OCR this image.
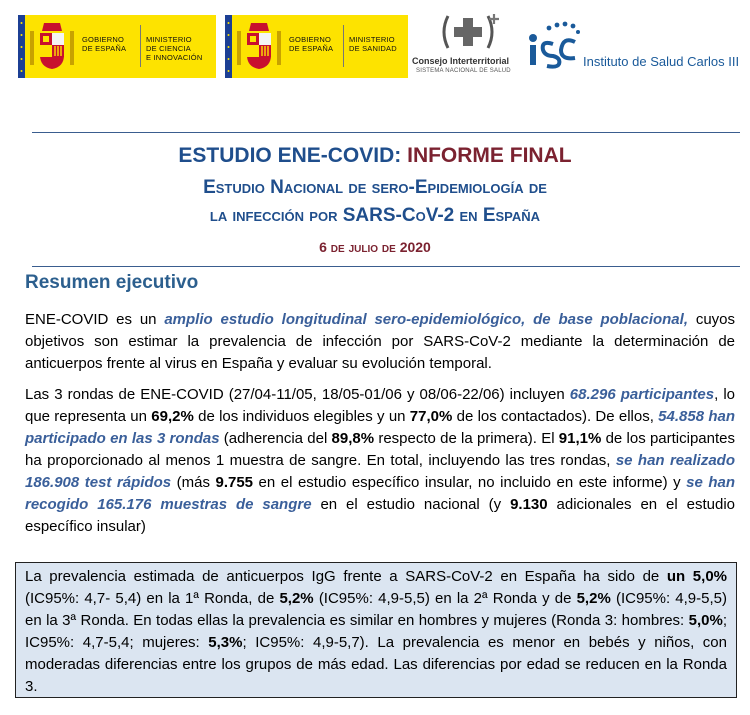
GOBIERNO
DE ESPAÑA
MINISTERIO
DE CIENCIA
E INNOVACIÓN
GOBIERNO
DE ESPAÑA
MINISTERIO
DE SANIDAD
Consejo Interterritorial
SISTEMA NACIONAL DE SALUD
Instituto de Salud Carlos III
ESTUDIO ENE-COVID: INFORME FINAL
Estudio Nacional de sero-Epidemiología de
la infección por SARS-CoV-2 en España
6 de julio de 2020
Resumen ejecutivo
ENE-COVID es un amplio estudio longitudinal sero-epidemiológico, de base poblacional, cuyos objetivos son estimar la prevalencia de infección por SARS-CoV-2 mediante la determinación de anticuerpos frente al virus en España y evaluar su evolución temporal.
Las 3 rondas de ENE-COVID (27/04-11/05, 18/05-01/06 y 08/06-22/06) incluyen 68.296 participantes, lo que representa un 69,2% de los individuos elegibles y un 77,0% de los contactados). De ellos, 54.858 han participado en las 3 rondas (adherencia del 89,8% respecto de la primera). El 91,1% de los participantes ha proporcionado al menos 1 muestra de sangre. En total, incluyendo las tres rondas, se han realizado 186.908 test rápidos (más 9.755 en el estudio específico insular, no incluido en este informe) y se han recogido 165.176 muestras de sangre en el estudio nacional (y 9.130 adicionales en el estudio específico insular)
La prevalencia estimada de anticuerpos IgG frente a SARS-CoV-2 en España ha sido de un 5,0% (IC95%: 4,7- 5,4) en la 1ª Ronda, de 5,2% (IC95%: 4,9-5,5) en la 2ª Ronda y de 5,2% (IC95%: 4,9-5,5) en la 3ª Ronda. En todas ellas la prevalencia es similar en hombres y mujeres (Ronda 3: hombres: 5,0%; IC95%: 4,7-5,4; mujeres: 5,3%; IC95%: 4,9-5,7). La prevalencia es menor en bebés y niños, con moderadas diferencias entre los grupos de más edad. Las diferencias por edad se reducen en la Ronda 3.
